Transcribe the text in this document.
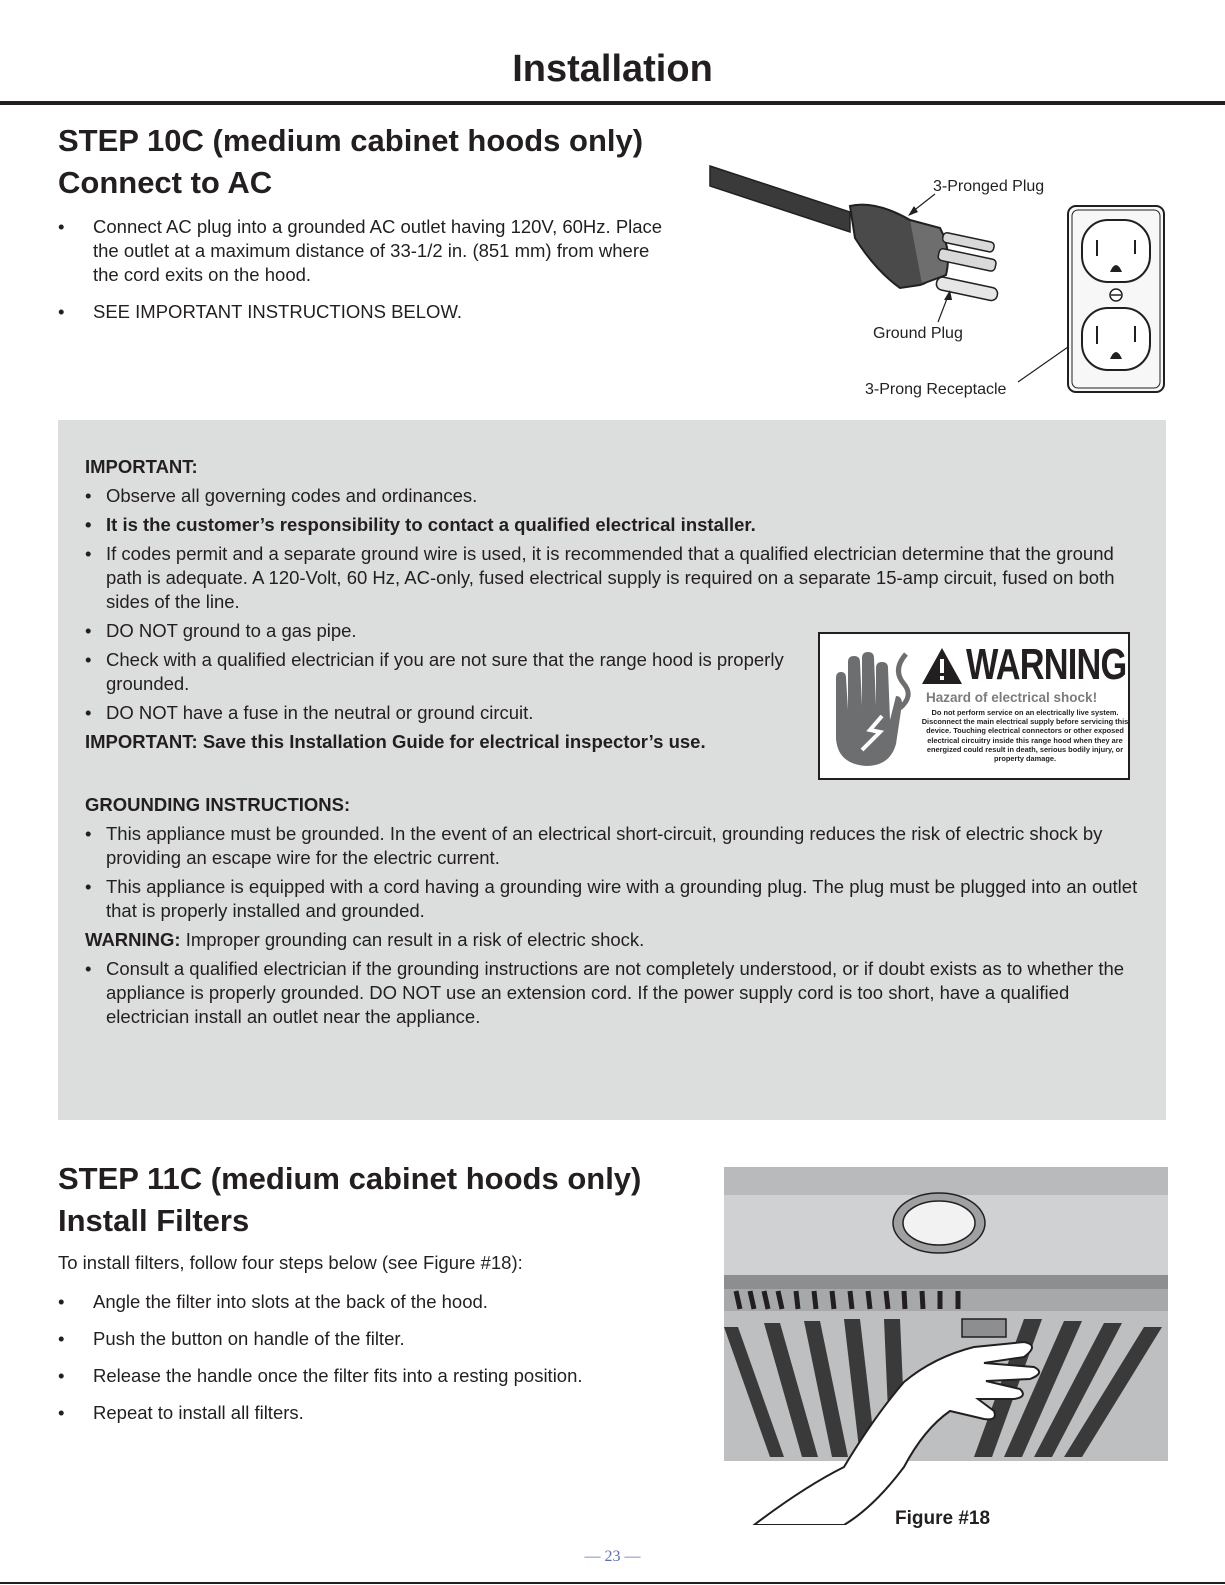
Installation
STEP 10C (medium cabinet hoods only)
Connect to AC
• Connect AC plug into a grounded AC outlet having 120V, 60Hz. Place the outlet at a maximum distance of 33-1/2 in. (851 mm) from where the cord exits on the hood.
• SEE IMPORTANT INSTRUCTIONS BELOW.
3-Pronged Plug
Ground Plug
3-Prong Receptacle

IMPORTANT:

• Observe all governing codes and ordinances.
• It is the customer’s responsibility to contact a qualified electrical installer.
• If codes permit and a separate ground wire is used, it is recommended that a qualified electrician determine that the ground path is adequate. A 120-Volt, 60 Hz, AC-only, fused electrical supply is required on a separate 15-amp circuit, fused on both sides of the line.
• DO NOT ground to a gas pipe.
• Check with a qualified electrician if you are not sure that the range hood is properly grounded.
• DO NOT have a fuse in the neutral or ground circuit.

IMPORTANT: Save this Installation Guide for electrical inspector’s use.

WARNING
Hazard of electrical shock!
Do not perform service on an electrically live system. Disconnect the main electrical supply before servicing this device. Touching electrical connectors or other exposed electrical circuitry inside this range hood when they are energized could result in death, serious bodily injury, or property damage.

GROUNDING INSTRUCTIONS:

• This appliance must be grounded. In the event of an electrical short-circuit, grounding reduces the risk of electric shock by providing an escape wire for the electric current.
• This appliance is equipped with a cord having a grounding wire with a grounding plug. The plug must be plugged into an outlet that is properly installed and grounded.

WARNING: Improper grounding can result in a risk of electric shock.

• Consult a qualified electrician if the grounding instructions are not completely understood, or if doubt exists as to whether the appliance is properly grounded. DO NOT use an extension cord. If the power supply cord is too short, have a qualified electrician install an outlet near the appliance.
STEP 11C (medium cabinet hoods only)
Install Filters

To install filters, follow four steps below (see Figure #18):

• Angle the filter into slots at the back of the hood.
• Push the button on handle of the filter.
• Release the handle once the filter fits into a resting position.
• Repeat to install all filters.
Figure #18
— 23 —
